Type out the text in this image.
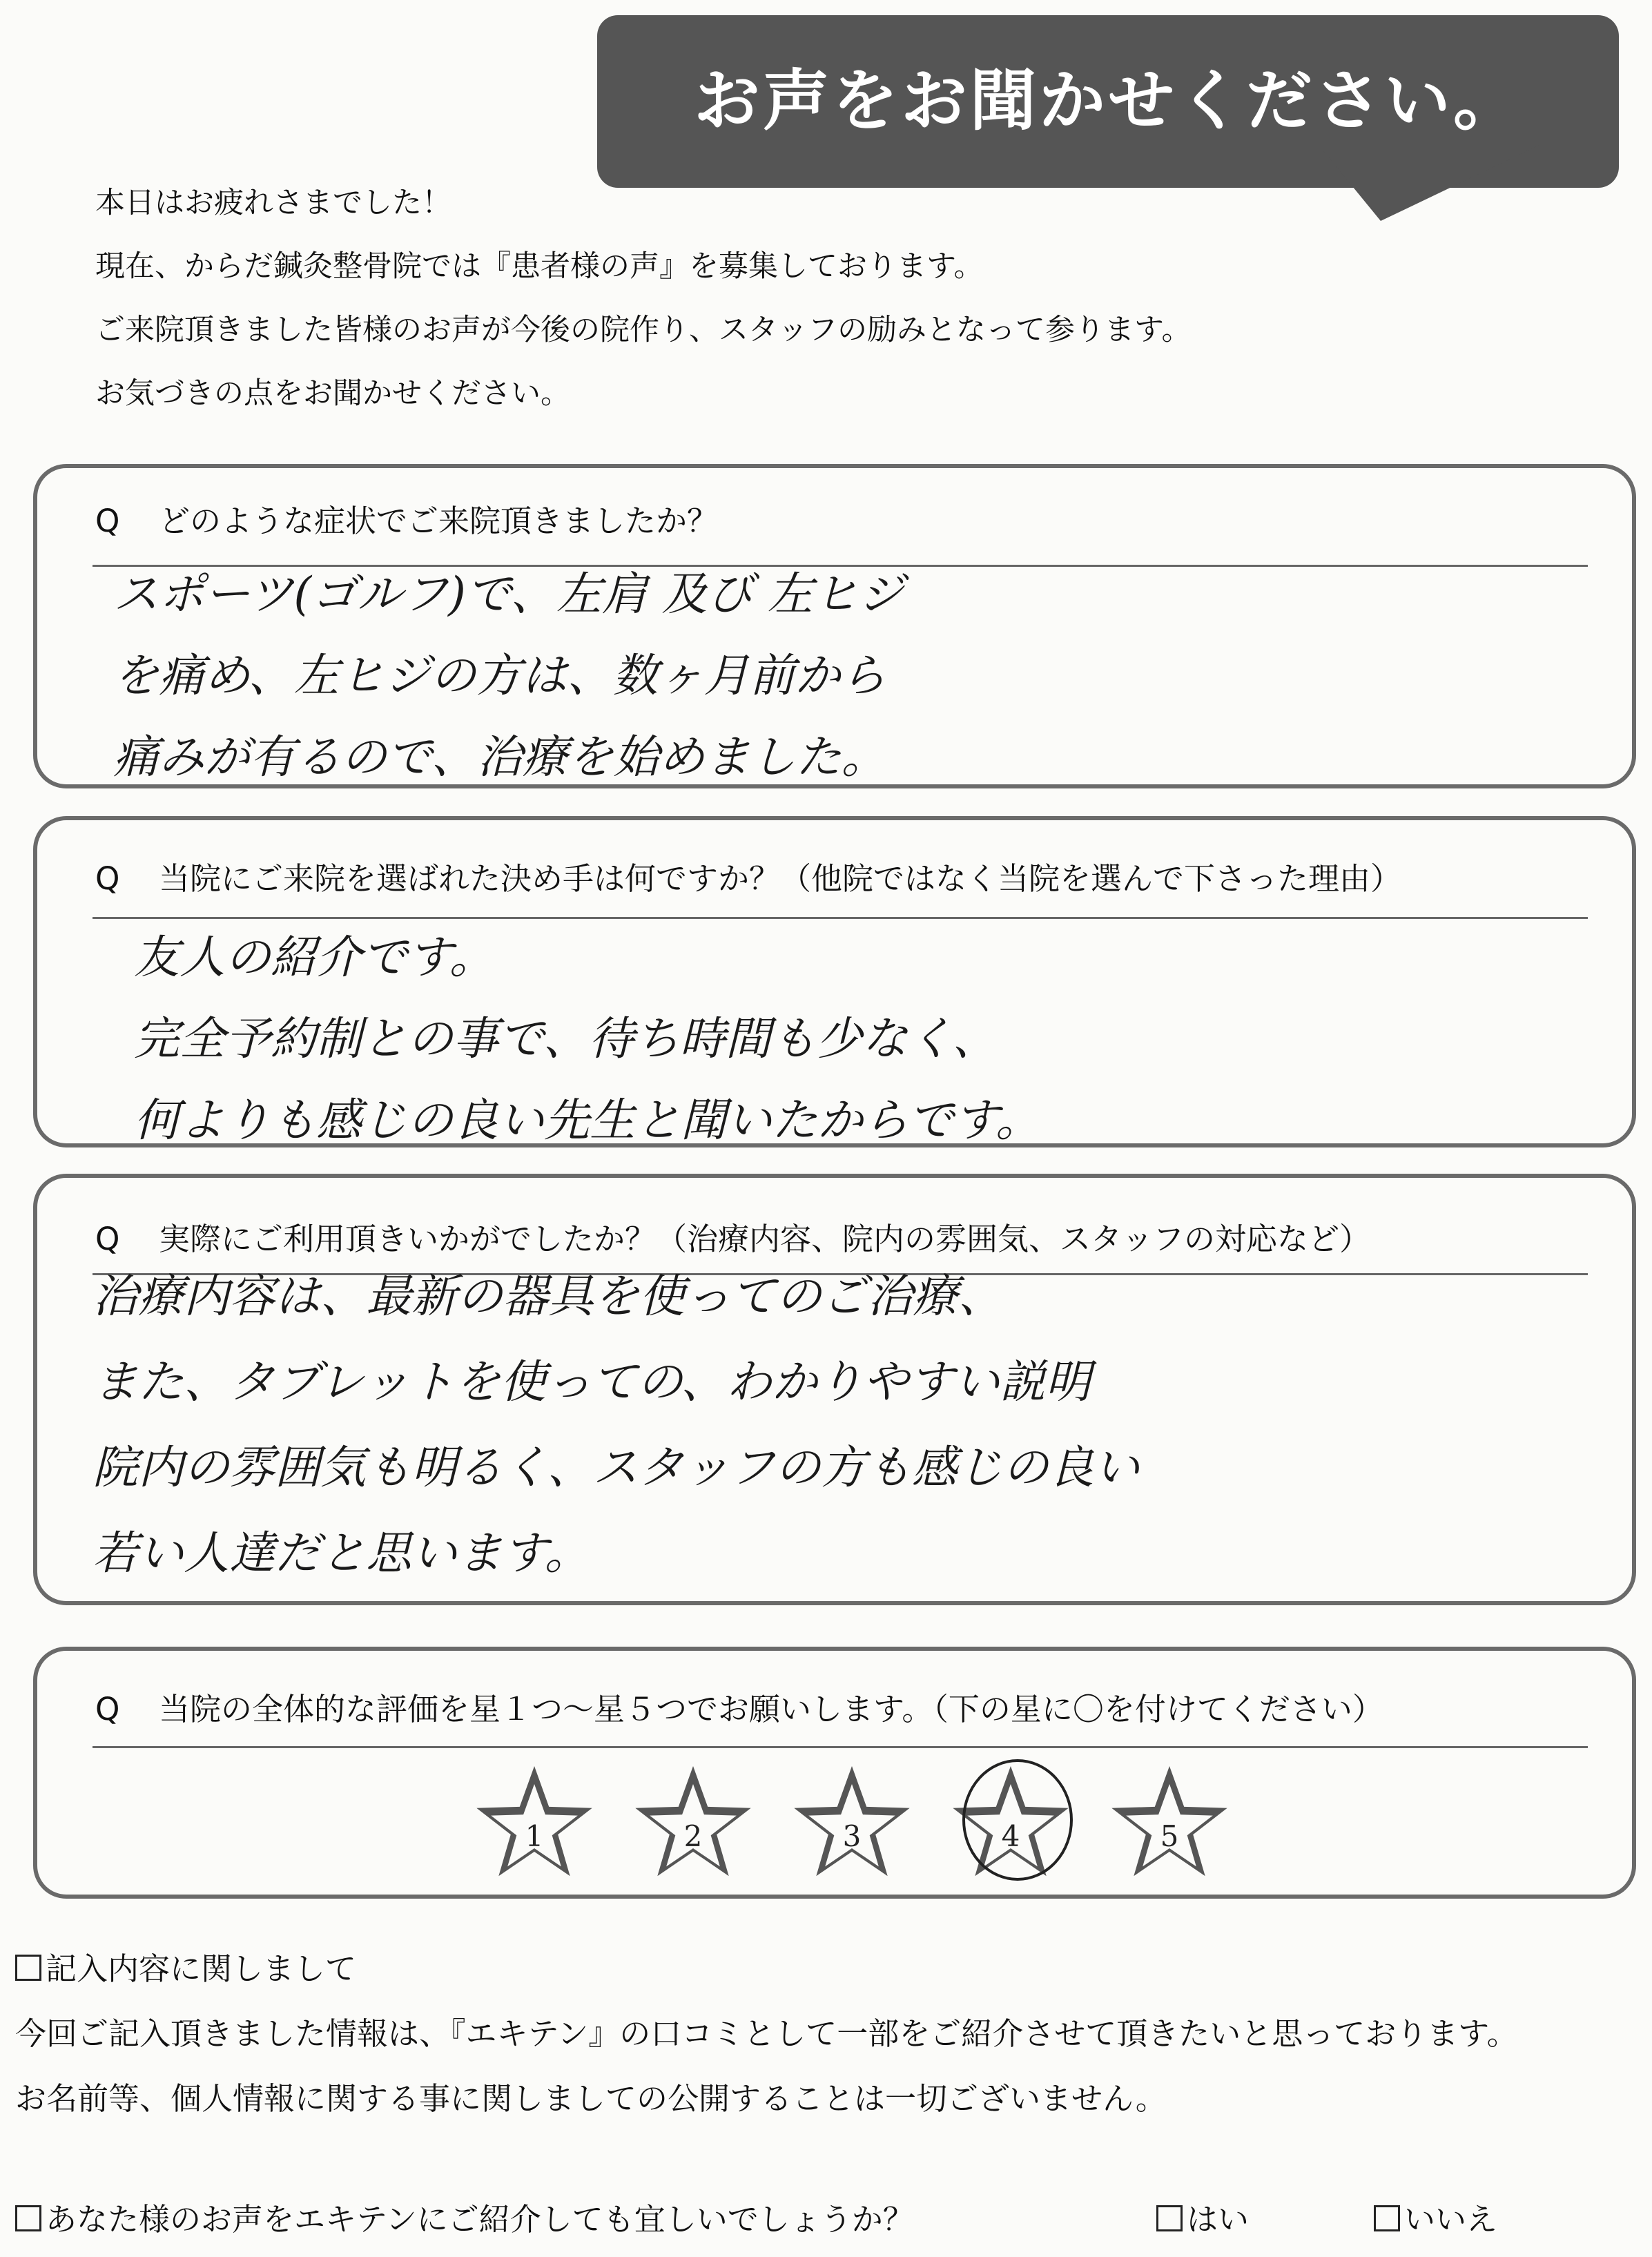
お声をお聞かせください。

本日はお疲れさまでした！

現在、からだ鍼灸整骨院では『患者様の声』を募集しております。

ご来院頂きました皆様のお声が今後の院作り、スタッフの励みとなって参ります。

お気づきの点をお聞かせください。

Q どのような症状でご来院頂きましたか？

スポーツ(ゴルフ)で、左肩 及び 左ヒジ

を痛め、左ヒジの方は、数ヶ月前から

痛みが有るので、治療を始めました。

Q 当院にご来院を選ばれた決め手は何ですか？（他院ではなく当院を選んで下さった理由）

友人の紹介です。

完全予約制との事で、待ち時間も少なく、

何よりも感じの良い先生と聞いたからです。

Q 実際にご利用頂きいかがでしたか？（治療内容、院内の雰囲気、スタッフの対応など）

治療内容は、最新の器具を使ってのご治療、

また、タブレットを使っての、わかりやすい説明

院内の雰囲気も明るく、スタッフの方も感じの良い

若い人達だと思います。

Q 当院の全体的な評価を星１つ～星５つでお願いします。（下の星に〇を付けてください）
1	2	3	4	5

記入内容に関しまして

今回ご記入頂きました情報は、『エキテン』の口コミとして一部をご紹介させて頂きたいと思っております。

お名前等、個人情報に関する事に関しましての公開することは一切ございません。

あなた様のお声をエキテンにご紹介しても宜しいでしょうか？	はい	いいえ
